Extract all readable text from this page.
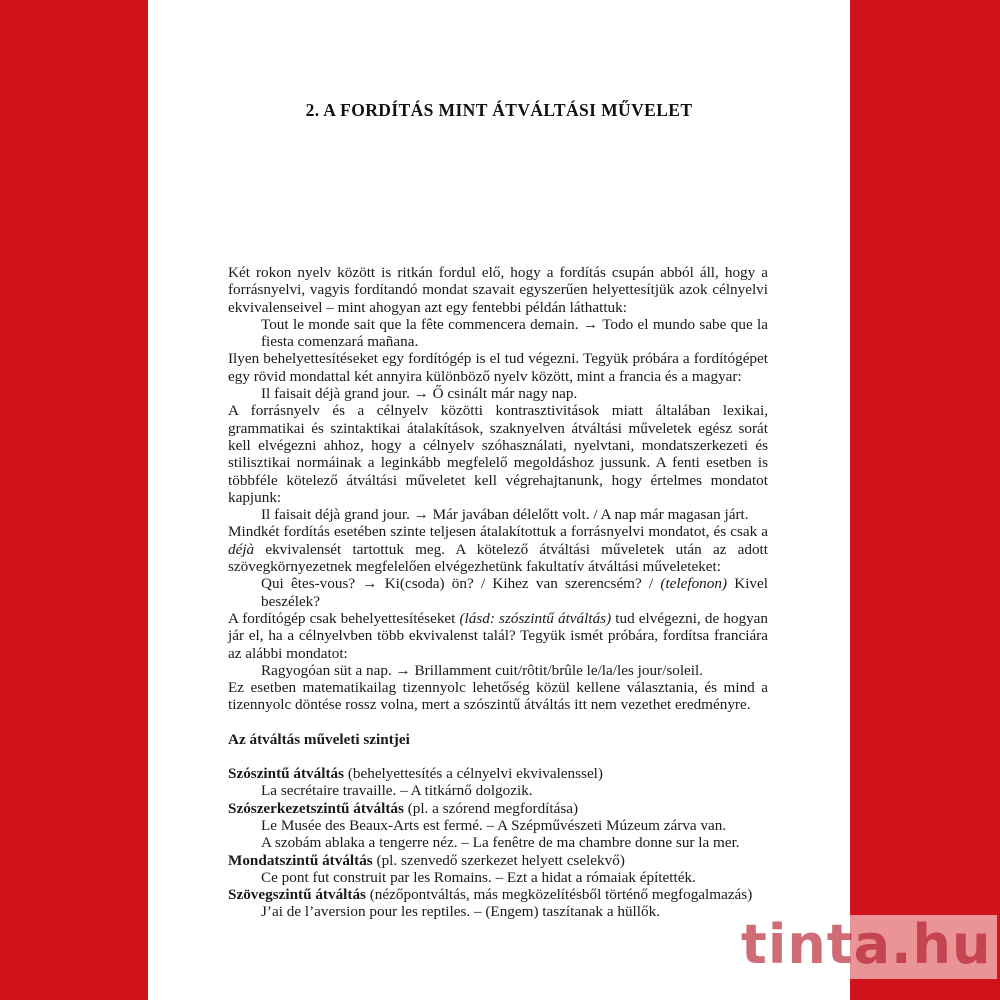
2. A FORDÍTÁS MINT ÁTVÁLTÁSI MŰVELET

Két rokon nyelv között is ritkán fordul elő, hogy a fordítás csupán abból áll, hogy a forrásnyelvi, vagyis fordítandó mondat szavait egyszerűen helyettesítjük azok célnyelvi ekvivalenseivel – mint ahogyan azt egy fentebbi példán láthattuk:

Tout le monde sait que la fête commencera demain. → Todo el mundo sabe que la fiesta comenzará mañana.

Ilyen behelyettesítéseket egy fordítógép is el tud végezni. Tegyük próbára a fordítógépet egy rövid mondattal két annyira különböző nyelv között, mint a francia és a magyar:

Il faisait déjà grand jour. → Ő csinált már nagy nap.

A forrásnyelv és a célnyelv közötti kontrasztivitások miatt általában lexikai, grammatikai és szintaktikai átalakítások, szaknyelven átváltási műveletek egész sorát kell elvégezni ahhoz, hogy a célnyelv szóhasználati, nyelvtani, mondatszerkezeti és stilisztikai normáinak a leginkább megfelelő megoldáshoz jussunk. A fenti esetben is többféle kötelező átváltási műveletet kell végrehajtanunk, hogy értelmes mondatot kapjunk:

Il faisait déjà grand jour. → Már javában délelőtt volt. / A nap már magasan járt.

Mindkét fordítás esetében szinte teljesen átalakítottuk a forrásnyelvi mondatot, és csak a déjà ekvivalensét tartottuk meg. A kötelező átváltási műveletek után az adott szövegkörnyezetnek megfelelően elvégezhetünk fakultatív átváltási műveleteket:

Qui êtes-vous? → Ki(csoda) ön? / Kihez van szerencsém? / (telefonon) Kivel beszélek?

A fordítógép csak behelyettesítéseket (lásd: szószintű átváltás) tud elvégezni, de hogyan jár el, ha a célnyelvben több ekvivalenst talál? Tegyük ismét próbára, fordítsa franciára az alábbi mondatot:

Ragyogóan süt a nap. → Brillamment cuit/rôtit/brûle le/la/les jour/soleil.

Ez esetben matematikailag tizennyolc lehetőség közül kellene választania, és mind a tizennyolc döntése rossz volna, mert a szószintű átváltás itt nem vezethet eredményre.

Az átváltás műveleti szintjei

Szószintű átváltás (behelyettesítés a célnyelvi ekvivalenssel)

La secrétaire travaille. – A titkárnő dolgozik.

Szószerkezetszintű átváltás (pl. a szórend megfordítása)

Le Musée des Beaux-Arts est fermé. – A Szépművészeti Múzeum zárva van.

A szobám ablaka a tengerre néz. – La fenêtre de ma chambre donne sur la mer.

Mondatszintű átváltás (pl. szenvedő szerkezet helyett cselekvő)

Ce pont fut construit par les Romains. – Ezt a hidat a rómaiak építették.

Szövegszintű átváltás (nézőpontváltás, más megközelítésből történő megfogalmazás)

J’ai de l’aversion pour les reptiles. – (Engem) taszítanak a hüllők.

tinta.hu
